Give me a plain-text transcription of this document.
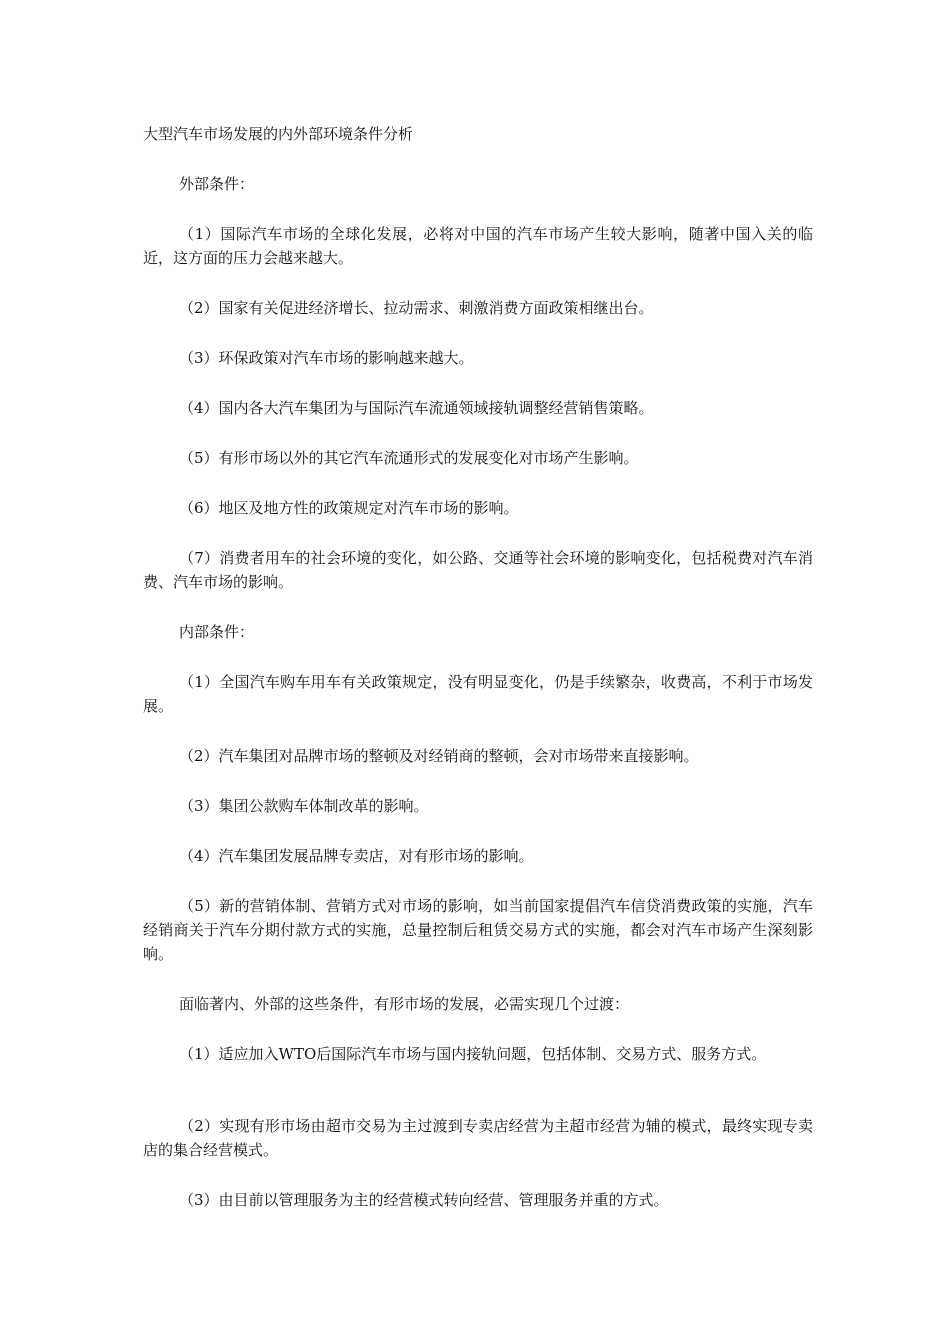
大型汽车市场发展的内外部环境条件分析

外部条件：

（1）国际汽车市场的全球化发展，必将对中国的汽车市场产生较大影响，随著中国入关的临近，这方面的压力会越来越大。

（2）国家有关促进经济增长、拉动需求、刺激消费方面政策相继出台。

（3）环保政策对汽车市场的影响越来越大。

（4）国内各大汽车集团为与国际汽车流通领域接轨调整经营销售策略。

（5）有形市场以外的其它汽车流通形式的发展变化对市场产生影响。

（6）地区及地方性的政策规定对汽车市场的影响。

（7）消费者用车的社会环境的变化，如公路、交通等社会环境的影响变化，包括税费对汽车消费、汽车市场的影响。

内部条件：

（1）全国汽车购车用车有关政策规定，没有明显变化，仍是手续繁杂，收费高，不利于市场发展。

（2）汽车集团对品牌市场的整顿及对经销商的整顿，会对市场带来直接影响。

（3）集团公款购车体制改革的影响。

（4）汽车集团发展品牌专卖店，对有形市场的影响。

（5）新的营销体制、营销方式对市场的影响，如当前国家提倡汽车信贷消费政策的实施，汽车经销商关于汽车分期付款方式的实施，总量控制后租赁交易方式的实施，都会对汽车市场产生深刻影响。

面临著内、外部的这些条件，有形市场的发展，必需实现几个过渡：

（1）适应加入WTO后国际汽车市场与国内接轨问题，包括体制、交易方式、服务方式。

（2）实现有形市场由超市交易为主过渡到专卖店经营为主超市经营为辅的模式，最终实现专卖店的集合经营模式。

（3）由目前以管理服务为主的经营模式转向经营、管理服务并重的方式。
